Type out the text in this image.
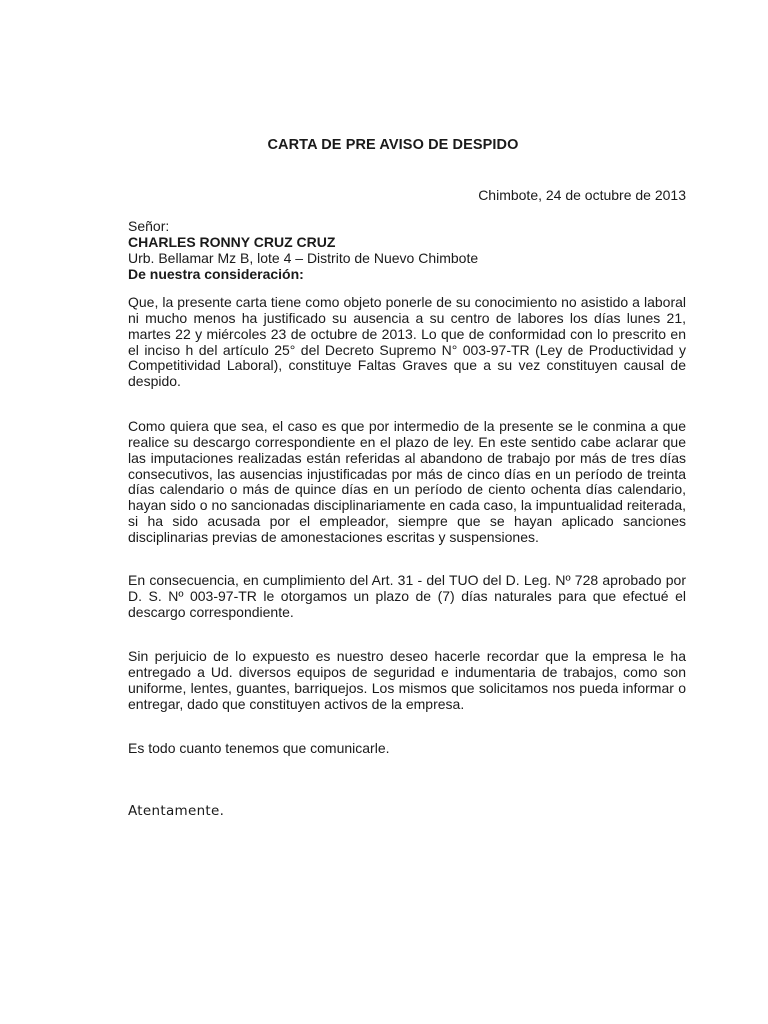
CARTA DE PRE AVISO DE DESPIDO
Chimbote, 24 de octubre de 2013
Señor:
CHARLES RONNY CRUZ CRUZ
Urb. Bellamar Mz B, lote 4 – Distrito de Nuevo Chimbote
De nuestra consideración:
Que, la presente carta tiene como objeto ponerle de su conocimiento no asistido a laboral ni mucho menos ha justificado su ausencia a su centro de labores los días lunes 21, martes 22 y miércoles 23 de octubre de 2013. Lo que de conformidad con lo prescrito en el inciso h del artículo 25° del Decreto Supremo N° 003-97-TR (Ley de Productividad y Competitividad Laboral), constituye Faltas Graves que a su vez constituyen causal de despido.
Como quiera que sea, el caso es que por intermedio de la presente se le conmina a que realice su descargo correspondiente en el plazo de ley. En este sentido cabe aclarar que las imputaciones realizadas están referidas al abandono de trabajo por más de tres días consecutivos, las ausencias injustificadas por más de cinco días en un período de treinta días calendario o más de quince días en un período de ciento ochenta días calendario, hayan sido o no sancionadas disciplinariamente en cada caso, la impuntualidad reiterada, si ha sido acusada por el empleador, siempre que se hayan aplicado sanciones disciplinarias previas de amonestaciones escritas y suspensiones.
En consecuencia, en cumplimiento del Art. 31 - del TUO del D. Leg. Nº 728 aprobado por D. S. Nº 003-97-TR le otorgamos un plazo de (7) días naturales para que efectué el descargo correspondiente.
Sin perjuicio de lo expuesto es nuestro deseo hacerle recordar que la empresa le ha entregado a Ud. diversos equipos de seguridad e indumentaria de trabajos, como son uniforme, lentes, guantes, barriquejos. Los mismos que solicitamos nos pueda informar o entregar, dado que constituyen activos de la empresa.
Es todo cuanto tenemos que comunicarle.
Atentamente.
